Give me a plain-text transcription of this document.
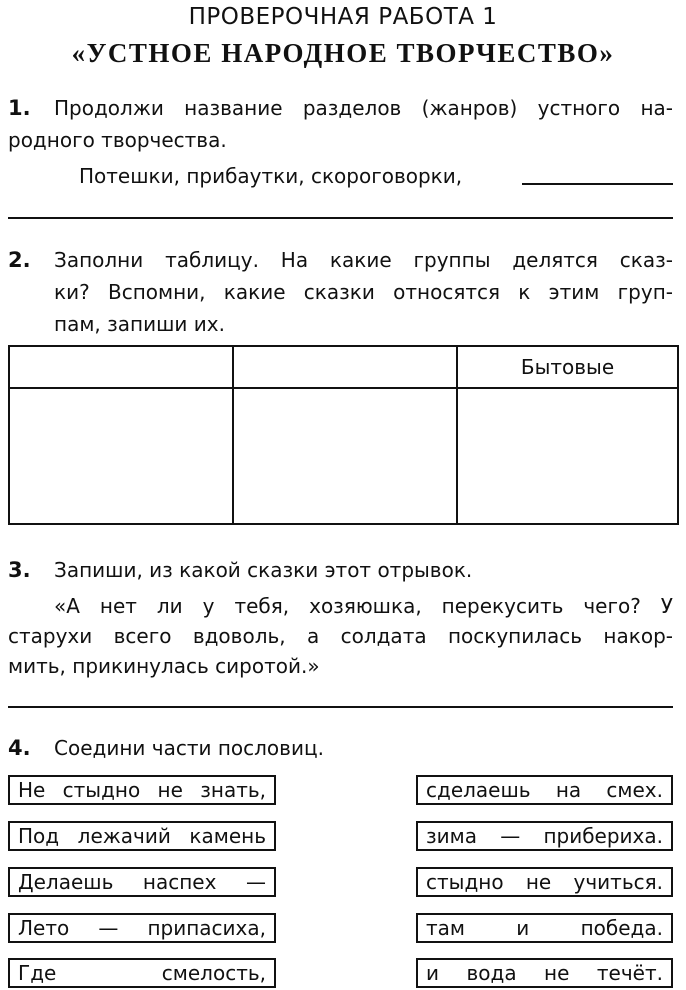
ПРОВЕРОЧНАЯ РАБОТА 1
«УСТНОЕ НАРОДНОЕ ТВОРЧЕСТВО»
1. Продолжи название разделов (жанров) устного на-
родного творчества.
Потешки, прибаутки, скороговорки,
2. Заполни таблицу. На какие группы делятся сказ-
ки? Вспомни, какие сказки относятся к этим груп-
пам, запиши их.
		Бытовые

3. Запиши, из какой сказки этот отрывок.
«А нет ли у тебя, хозяюшка, перекусить чего? У
старухи всего вдоволь, а солдата поскупилась накор-
мить, прикинулась сиротой.»
4. Соедини части пословиц.
Не стыдно не знать,
Под лежачий камень
Делаешь наспех —
Лето — припасиха,
Где смелость,
сделаешь на смех.
зима — прибериха.
стыдно не учиться.
там и победа.
и вода не течёт.
